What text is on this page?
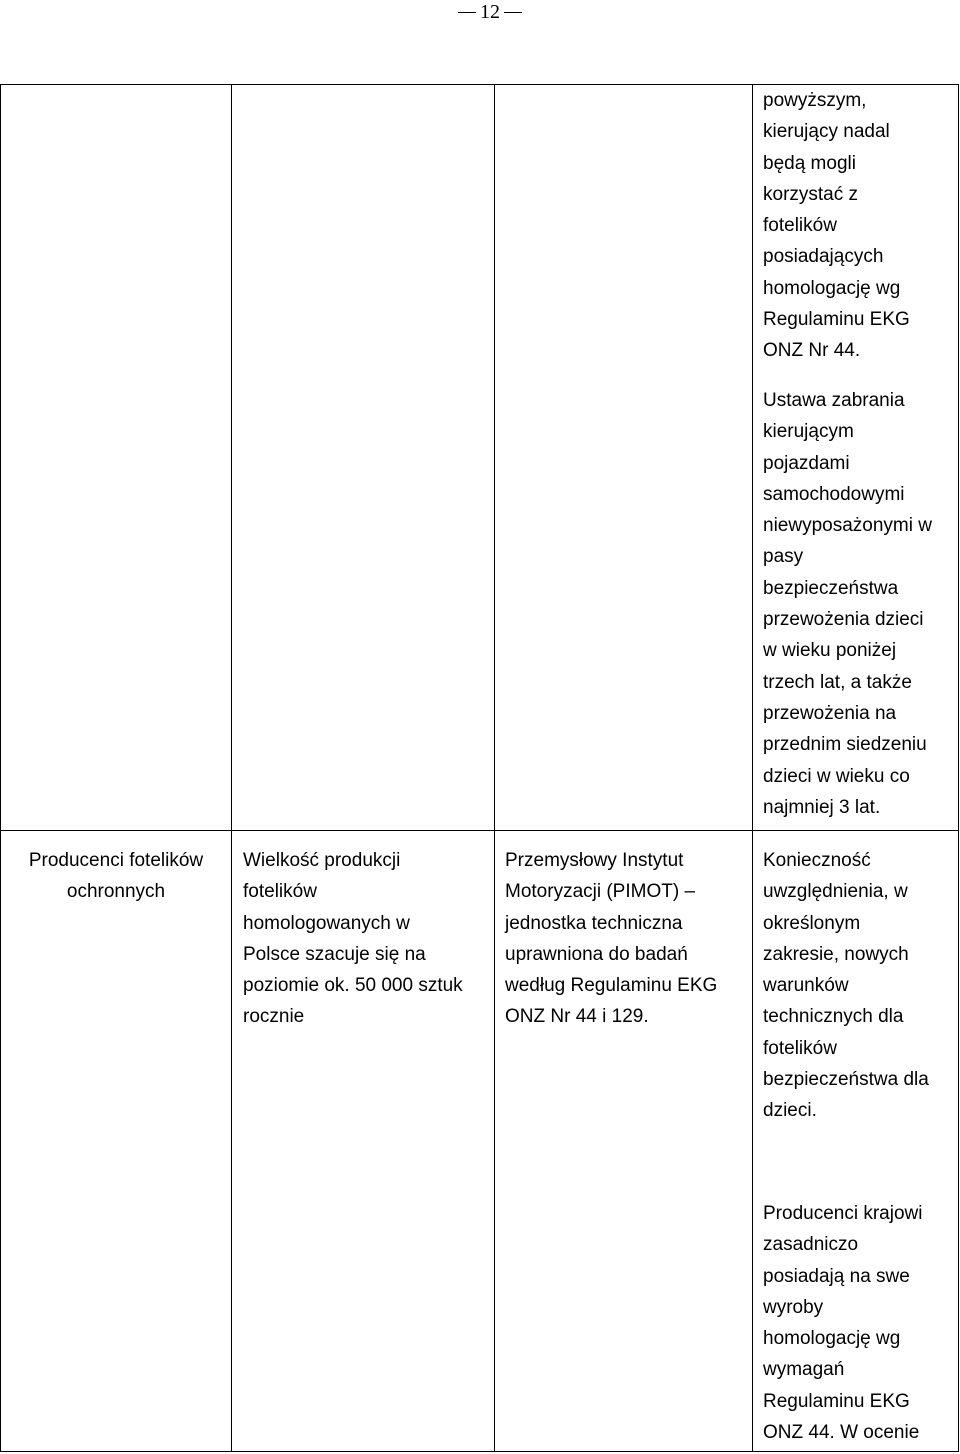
12
powyższym,
kierujący nadal
będą mogli
korzystać z
fotelików
posiadających
homologację wg
Regulaminu EKG
ONZ Nr 44.
Ustawa zabrania
kierującym
pojazdami
samochodowymi
niewyposażonymi w
pasy
bezpieczeństwa
przewożenia dzieci
w wieku poniżej
trzech lat, a także
przewożenia na
przednim siedzeniu
dzieci w wieku co
najmniej 3 lat.
Producenci fotelików
ochronnych
Wielkość produkcji
fotelików
homologowanych w
Polsce szacuje się na
poziomie ok. 50 000 sztuk
rocznie
Przemysłowy Instytut
Motoryzacji (PIMOT) –
jednostka techniczna
uprawniona do badań
według Regulaminu EKG
ONZ Nr 44 i 129.
Konieczność
uwzględnienia, w
określonym
zakresie, nowych
warunków
technicznych dla
fotelików
bezpieczeństwa dla
dzieci.
Producenci krajowi
zasadniczo
posiadają na swe
wyroby
homologację wg
wymagań
Regulaminu EKG
ONZ 44. W ocenie
